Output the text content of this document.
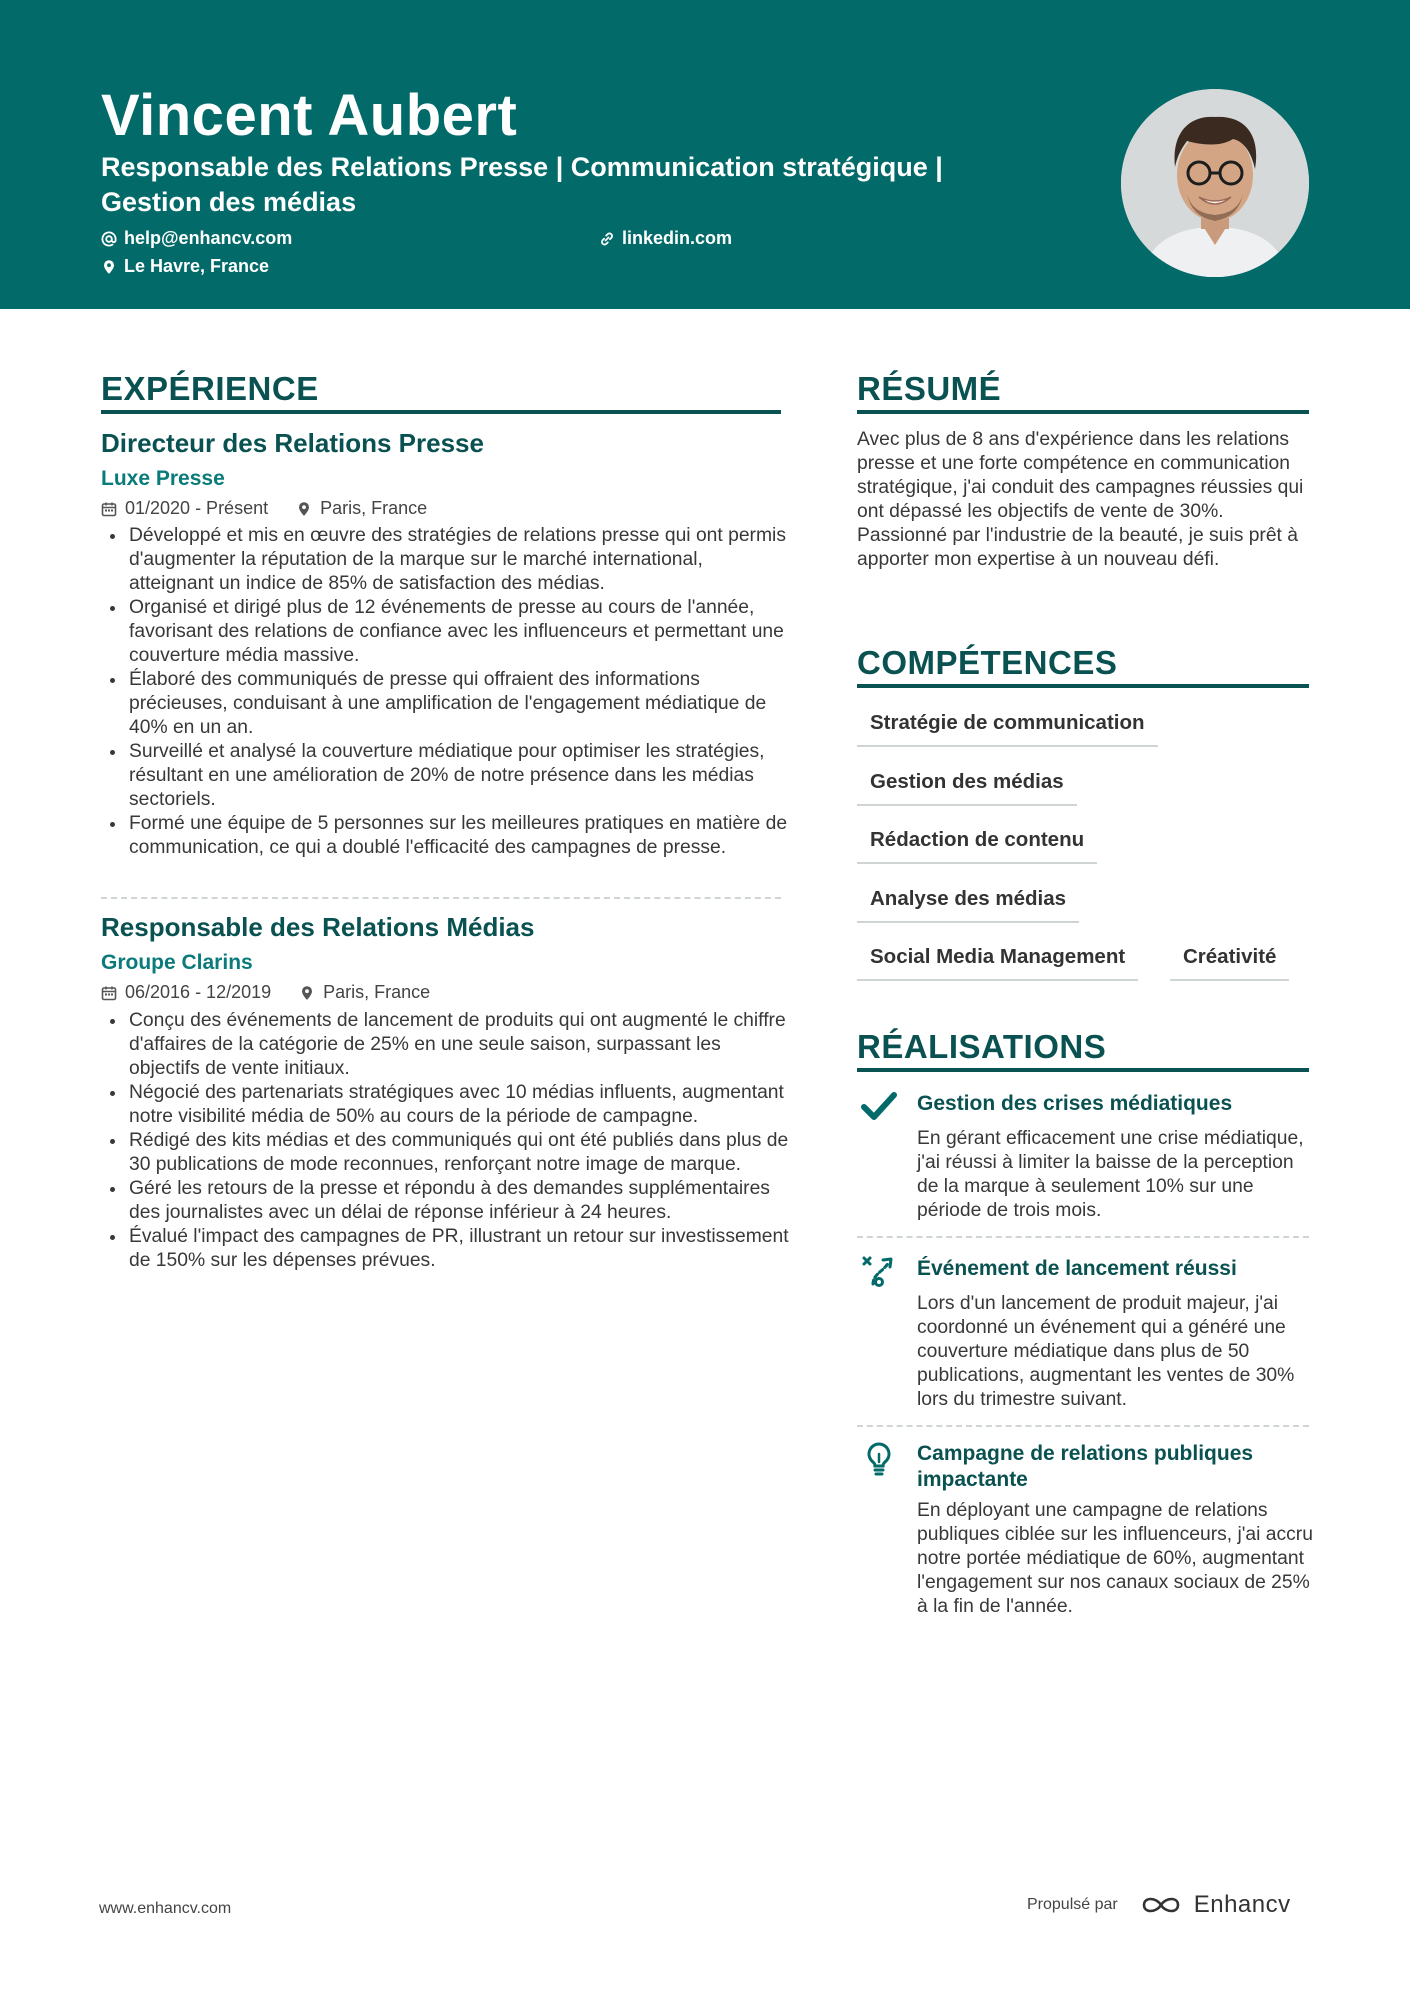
Vincent Aubert

Responsable des Relations Presse | Communication stratégique | Gestion des médias

help@enhancv.com	linkedin.com
Le Havre, France
EXPÉRIENCE
Directeur des Relations Presse

Luxe Presse

01/2020 - Présent	Paris, France
Développé et mis en œuvre des stratégies de relations presse qui ont permis d'augmenter la réputation de la marque sur le marché international, atteignant un indice de 85% de satisfaction des médias.
Organisé et dirigé plus de 12 événements de presse au cours de l'année, favorisant des relations de confiance avec les influenceurs et permettant une couverture média massive.
Élaboré des communiqués de presse qui offraient des informations précieuses, conduisant à une amplification de l'engagement médiatique de 40% en un an.
Surveillé et analysé la couverture médiatique pour optimiser les stratégies, résultant en une amélioration de 20% de notre présence dans les médias sectoriels.
Formé une équipe de 5 personnes sur les meilleures pratiques en matière de communication, ce qui a doublé l'efficacité des campagnes de presse.
Responsable des Relations Médias

Groupe Clarins

06/2016 - 12/2019	Paris, France
Conçu des événements de lancement de produits qui ont augmenté le chiffre d'affaires de la catégorie de 25% en une seule saison, surpassant les objectifs de vente initiaux.
Négocié des partenariats stratégiques avec 10 médias influents, augmentant notre visibilité média de 50% au cours de la période de campagne.
Rédigé des kits médias et des communiqués qui ont été publiés dans plus de 30 publications de mode reconnues, renforçant notre image de marque.
Géré les retours de la presse et répondu à des demandes supplémentaires des journalistes avec un délai de réponse inférieur à 24 heures.
Évalué l'impact des campagnes de PR, illustrant un retour sur investissement de 150% sur les dépenses prévues.
RÉSUMÉ

Avec plus de 8 ans d'expérience dans les relations presse et une forte compétence en communication stratégique, j'ai conduit des campagnes réussies qui ont dépassé les objectifs de vente de 30%. Passionné par l'industrie de la beauté, je suis prêt à apporter mon expertise à un nouveau défi.

COMPÉTENCES
Stratégie de communication
Gestion des médias
Rédaction de contenu
Analyse des médias
Social Media Management	Créativité
RÉALISATIONS

Gestion des crises médiatiques

En gérant efficacement une crise médiatique, j'ai réussi à limiter la baisse de la perception de la marque à seulement 10% sur une période de trois mois.

Événement de lancement réussi

Lors d'un lancement de produit majeur, j'ai coordonné un événement qui a généré une couverture médiatique dans plus de 50 publications, augmentant les ventes de 30% lors du trimestre suivant.

Campagne de relations publiques impactante

En déployant une campagne de relations publiques ciblée sur les influenceurs, j'ai accru notre portée médiatique de 60%, augmentant l'engagement sur nos canaux sociaux de 25% à la fin de l'année.

www.enhancv.com	Propulsé par	Enhancv
